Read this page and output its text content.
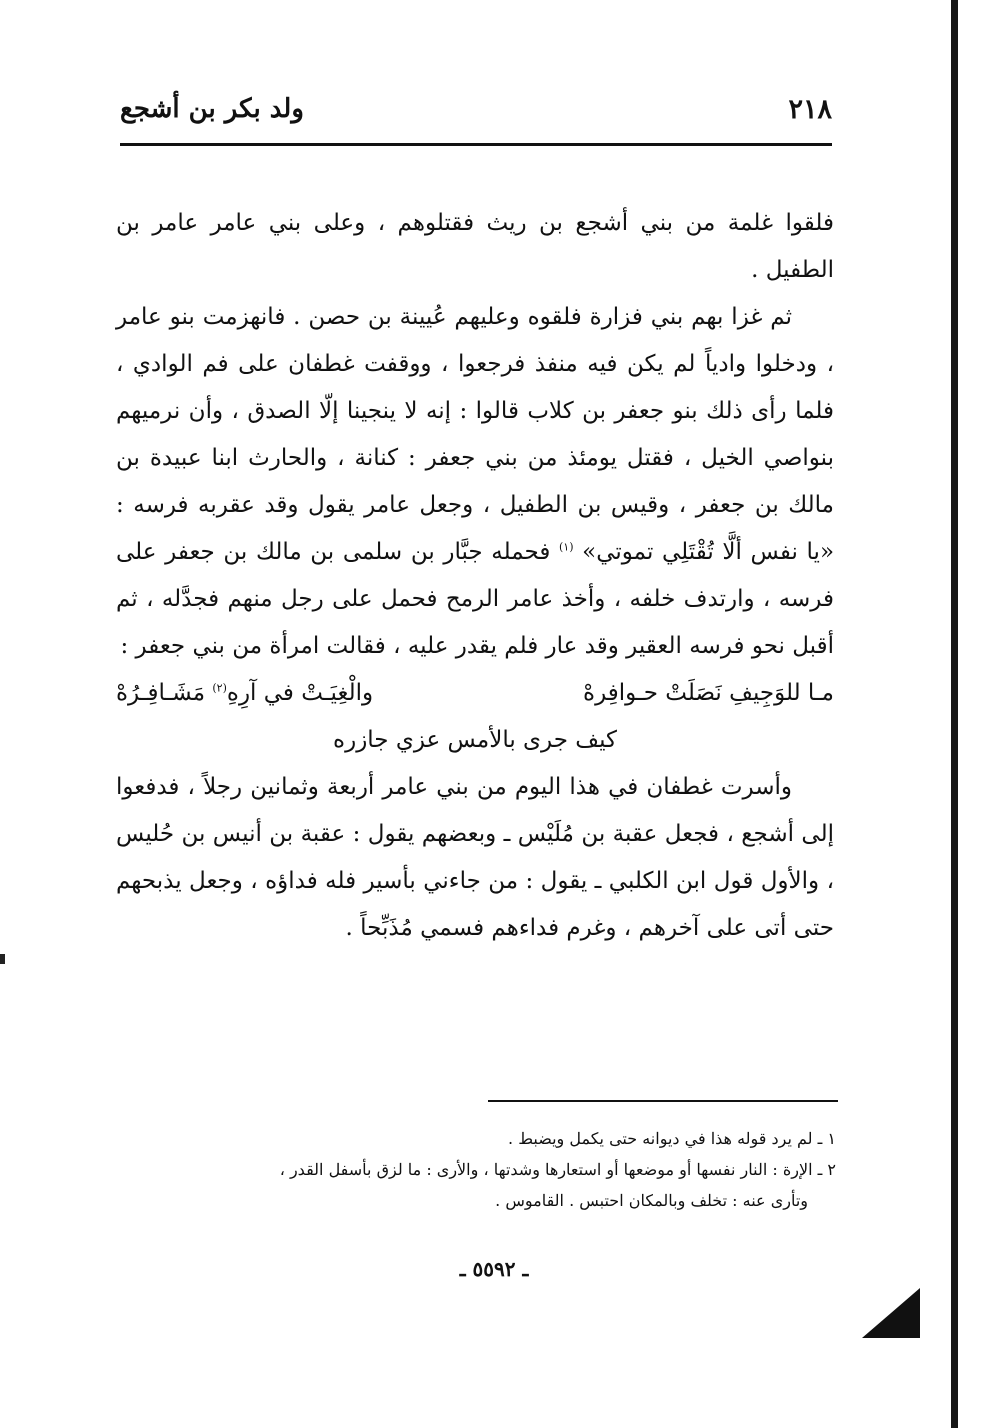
ولد بكر بن أشجع	٢١٨

فلقوا غلمة من بني أشجع بن ريث فقتلوهم ، وعلى بني عامر عامر بن الطفيل .

ثم غزا بهم بني فزارة فلقوه وعليهم عُيينة بن حصن . فانهزمت بنو عامر ، ودخلوا وادياً لم يكن فيه منفذ فرجعوا ، ووقفت غطفان على فم الوادي ، فلما رأى ذلك بنو جعفر بن كلاب قالوا : إنه لا ينجينا إلّا الصدق ، وأن نرميهم بنواصي الخيل ، فقتل يومئذ من بني جعفر : كنانة ، والحارث ابنا عبيدة بن مالك بن جعفر ، وقيس بن الطفيل ، وجعل عامر يقول وقد عقربه فرسه : «يا نفس ألَّا تُقْتَلِي تموتي» $^{(١)}$ فحمله جبَّار بن سلمى بن مالك بن جعفر على فرسه ، وارتدف خلفه ، وأخذ عامر الرمح فحمل على رجل منهم فجدَّله ، ثم أقبل نحو فرسه العقير وقد عار فلم يقدر عليه ، فقالت امرأة من بني جعفر :

مـا للوَجِيفِ نَصَلَتْ حـوافِرهْ
والْغِيَـتْ في آرِهِ$^{(٢)}$ مَشَـافِـرُهْ
كيف جرى بالأمس عزي جازره

وأسرت غطفان في هذا اليوم من بني عامر أربعة وثمانين رجلاً ، فدفعوا إلى أشجع ، فجعل عقبة بن مُلَيْس ـ وبعضهم يقول : عقبة بن أنيس بن حُليس ، والأول قول ابن الكلبي ـ يقول : من جاءني بأسير فله فداؤه ، وجعل يذبحهم حتى أتى على آخرهم ، وغرم فداءهم فسمي مُذَبِّحاً .

١ ـ لم يرد قوله هذا في ديوانه حتى يكمل ويضبط .

٢ ـ الإرة : النار نفسها أو موضعها أو استعارها وشدتها ، والأرى : ما لزق بأسفل القدر ،

وتأرى عنه : تخلف وبالمكان احتبس . القاموس .

ـ ٥٥٩٢ ـ
